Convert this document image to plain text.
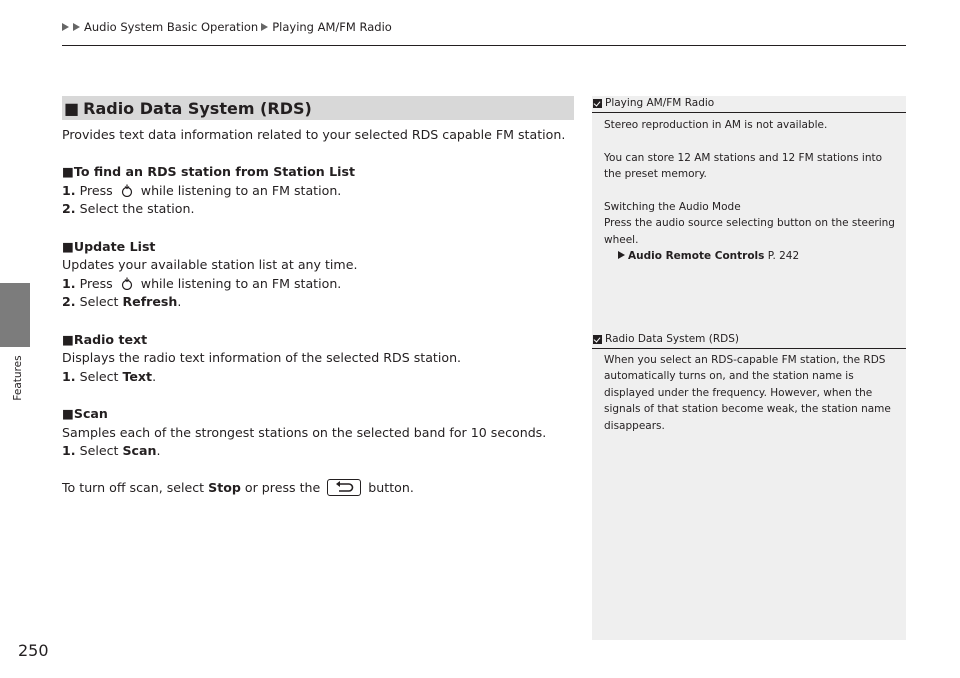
Audio System Basic Operation Playing AM/FM Radio
Features
250
■ Radio Data System (RDS)

Provides text data information related to your selected RDS capable FM station.

■To find an RDS station from Station List

1. Press while listening to an FM station.

2. Select the station.

■Update List

Updates your available station list at any time.

1. Press while listening to an FM station.

2. Select Refresh.

■Radio text

Displays the radio text information of the selected RDS station.

1. Select Text.

■Scan

Samples each of the strongest stations on the selected band for 10 seconds.

1. Select Scan.

To turn off scan, select Stop or press the	button.

Playing AM/FM Radio

Stereo reproduction in AM is not available.

You can store 12 AM stations and 12 FM stations into the preset memory.

Switching the Audio Mode

Press the audio source selecting button on the steering wheel.

Audio Remote Controls P. 242

Radio Data System (RDS)

When you select an RDS-capable FM station, the RDS automatically turns on, and the station name is displayed under the frequency. However, when the signals of that station become weak, the station name disappears.
